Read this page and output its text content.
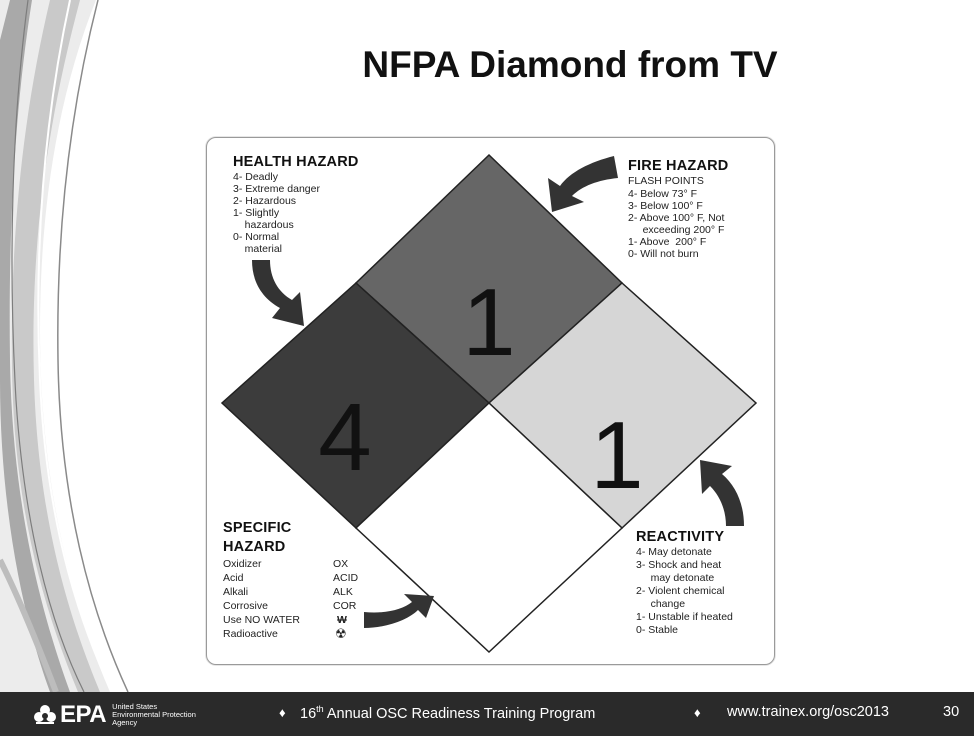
NFPA Diamond from TV
1
4 1
HEALTH HAZARD
4- Deadly
3- Extreme danger
2- Hazardous
1- Slightly
hazardous
0- Normal
material
FIRE HAZARD
FLASH POINTS
4- Below 73° F
3- Below 100° F
2- Above 100° F, Not
exceeding 200° F
1- Above  200° F
0- Will not burn
SPECIFIC
HAZARD
Oxidizer	OX
Acid	ACID
Alkali	ALK
Corrosive	COR
Use NO WATER	W
Radioactive	☢
REACTIVITY
4- May detonate
3- Shock and heat
may detonate
2- Violent chemical
change
1- Unstable if heated
0- Stable
EPA United States
Environmental Protection
Agency
♦ 16th Annual OSC Readiness Training Program	♦ www.trainex.org/osc2013	30
